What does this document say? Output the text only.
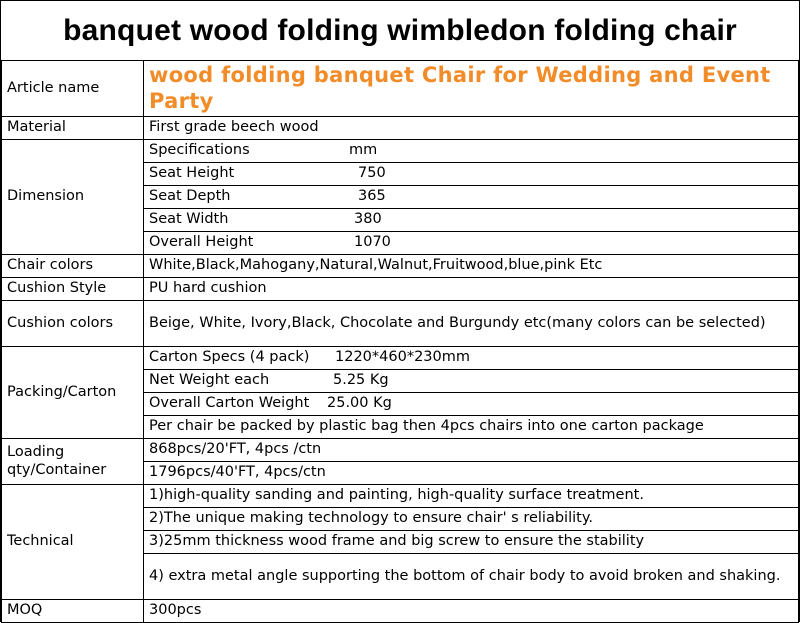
banquet wood folding wimbledon folding chair
Article name	wood folding banquet Chair for Wedding and Event Party
Material	First grade beech wood
Dimension	Specifications mm
	Seat Height 750
	Seat Depth 365
	Seat Width 380
	Overall Height 1070
Chair colors	White,Black,Mahogany,Natural,Walnut,Fruitwood,blue,pink Etc
Cushion Style	PU hard cushion
Cushion colors	Beige, White, Ivory,Black, Chocolate and Burgundy etc(many colors can be selected)
Packing/Carton	Carton Specs (4 pack) 1220*460*230mm
	Net Weight each 5.25 Kg
	Overall Carton Weight 25.00 Kg
	Per chair be packed by plastic bag then 4pcs chairs into one carton package
Loading qty/Container	868pcs/20'FT, 4pcs /ctn
	1796pcs/40'FT, 4pcs/ctn
Technical	1)high-quality sanding and painting, high-quality surface treatment.
	2)The unique making technology to ensure chair' s reliability.
	3)25mm thickness wood frame and big screw to ensure the stability
	4) extra metal angle supporting the bottom of chair body to avoid broken and shaking.
MOQ	300pcs
